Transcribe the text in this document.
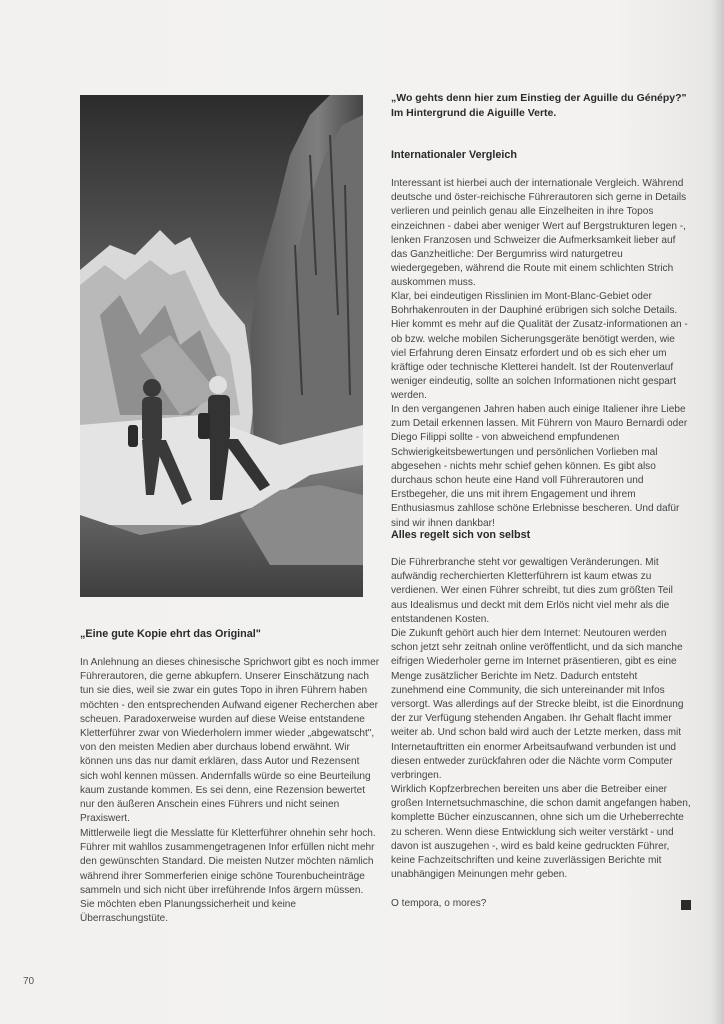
„Wo gehts denn hier zum Einstieg der Aguille du Génépy?"
Im Hintergrund die Aiguille Verte.
„Eine gute Kopie ehrt das Original"

In Anlehnung an dieses chinesische Sprichwort gibt es noch immer Führerautoren, die gerne abkupfern. Unserer Einschätzung nach tun sie dies, weil sie zwar ein gutes Topo in ihren Führern haben möchten - den entsprechenden Aufwand eigener Recherchen aber scheuen. Paradoxerweise wurden auf diese Weise entstandene Kletterführer zwar von Wiederholern immer wieder „abgewatscht", von den meisten Medien aber durchaus lobend erwähnt. Wir können uns das nur damit erklären, dass Autor und Rezensent sich wohl kennen müssen. Andernfalls würde so eine Beurteilung kaum zustande kommen. Es sei denn, eine Rezension bewertet nur den äußeren Anschein eines Führers und nicht seinen Praxiswert.

Mittlerweile liegt die Messlatte für Kletterführer ohnehin sehr hoch. Führer mit wahllos zusammengetragenen Infor erfüllen nicht mehr den gewünschten Standard. Die meisten Nutzer möchten nämlich während ihrer Sommerferien einige schöne Tourenbucheinträge sammeln und sich nicht über irreführende Infos ärgern müssen. Sie möchten eben Planungssicherheit und keine Überraschungstüte.

Internationaler Vergleich

Interessant ist hierbei auch der internationale Vergleich. Während deutsche und öster-reichische Führerautoren sich gerne in Details verlieren und peinlich genau alle Einzelheiten in ihre Topos einzeichnen - dabei aber weniger Wert auf Bergstrukturen legen -, lenken Franzosen und Schweizer die Aufmerksamkeit lieber auf das Ganzheitliche: Der Bergumriss wird naturgetreu wiedergegeben, während die Route mit einem schlichten Strich auskommen muss.

Klar, bei eindeutigen Risslinien im Mont-Blanc-Gebiet oder Bohrhakenrouten in der Dauphiné erübrigen sich solche Details. Hier kommt es mehr auf die Qualität der Zusatz-informationen an - ob bzw. welche mobilen Sicherungsgeräte benötigt werden, wie viel Erfahrung deren Einsatz erfordert und ob es sich eher um kräftige oder technische Kletterei handelt. Ist der Routenverlauf weniger eindeutig, sollte an solchen Informationen nicht gespart werden.

In den vergangenen Jahren haben auch einige Italiener ihre Liebe zum Detail erkennen lassen. Mit Führern von Mauro Bernardi oder Diego Filippi sollte - von abweichend empfundenen Schwierigkeitsbewertungen und persönlichen Vorlieben mal abgesehen - nichts mehr schief gehen können. Es gibt also durchaus schon heute eine Hand voll Führerautoren und Erstbegeher, die uns mit ihrem Engagement und ihrem Enthusiasmus zahllose schöne Erlebnisse bescheren. Und dafür sind wir ihnen dankbar!

Alles regelt sich von selbst

Die Führerbranche steht vor gewaltigen Veränderungen. Mit aufwändig recherchierten Kletterführern ist kaum etwas zu verdienen. Wer einen Führer schreibt, tut dies zum größten Teil aus Idealismus und deckt mit dem Erlös nicht viel mehr als die entstandenen Kosten.

Die Zukunft gehört auch hier dem Internet: Neutouren werden schon jetzt sehr zeitnah online veröffentlicht, und da sich manche eifrigen Wiederholer gerne im Internet präsentieren, gibt es eine Menge zusätzlicher Berichte im Netz. Dadurch entsteht zunehmend eine Community, die sich untereinander mit Infos versorgt. Was allerdings auf der Strecke bleibt, ist die Einordnung der zur Verfügung stehenden Angaben. Ihr Gehalt flacht immer weiter ab. Und schon bald wird auch der Letzte merken, dass mit Internetauftritten ein enormer Arbeitsaufwand verbunden ist und diesen entweder zurückfahren oder die Nächte vorm Computer verbringen.

Wirklich Kopfzerbrechen bereiten uns aber die Betreiber einer großen Internetsuchmaschine, die schon damit angefangen haben, komplette Bücher einzuscannen, ohne sich um die Urheberrechte zu scheren. Wenn diese Entwicklung sich weiter verstärkt - und davon ist auszugehen -, wird es bald keine gedruckten Führer, keine Fachzeitschriften und keine zuverlässigen Berichte mit unabhängigen Meinungen mehr geben.

O tempora, o mores?

70
